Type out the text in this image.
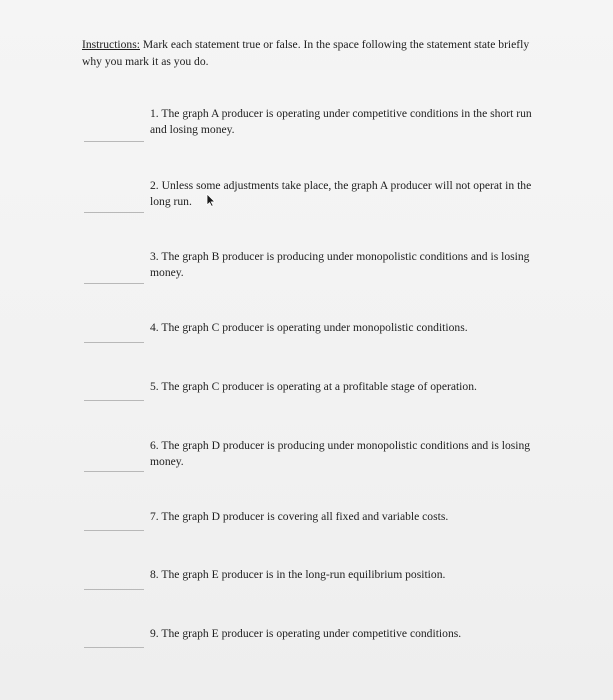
Instructions: Mark each statement true or false. In the space following the statement state briefly why you mark it as you do.
1. The graph A producer is operating under competitive conditions in the short run and losing money.
2. Unless some adjustments take place, the graph A producer will not operat in the long run.
3. The graph B producer is producing under monopolistic conditions and is losing money.
4. The graph C producer is operating under monopolistic conditions.
5. The graph C producer is operating at a profitable stage of operation.
6. The graph D producer is producing under monopolistic conditions and is losing money.
7. The graph D producer is covering all fixed and variable costs.
8. The graph E producer is in the long-run equilibrium position.
9. The graph E producer is operating under competitive conditions.
